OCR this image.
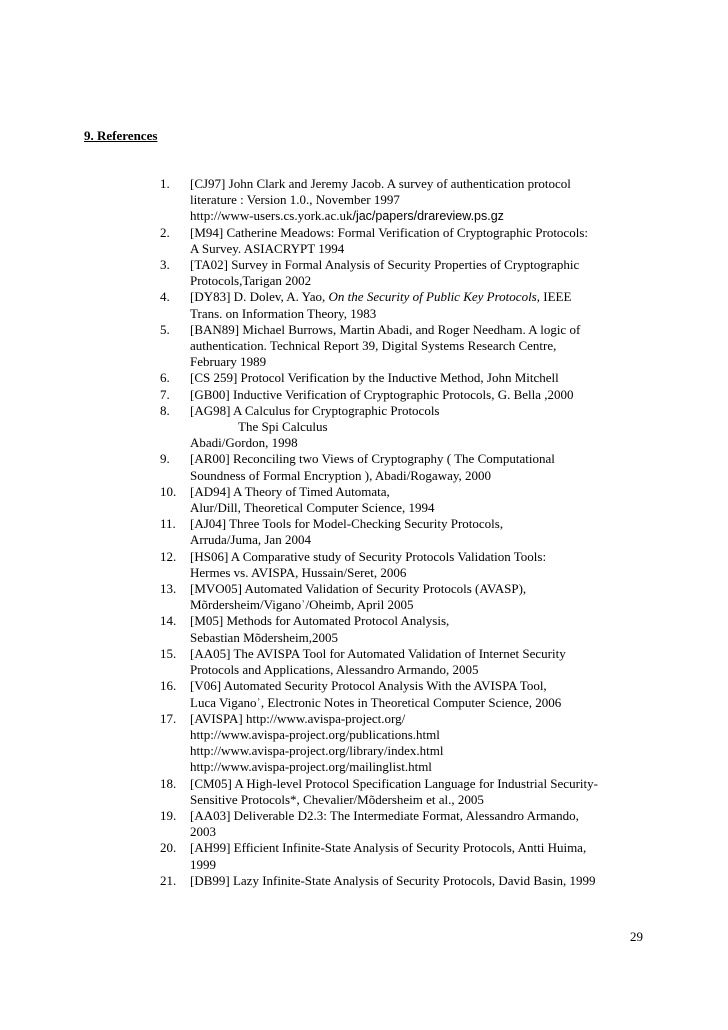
9. References
1.	[CJ97] John Clark and Jeremy Jacob. A survey of authentication protocol
literature : Version 1.0., November 1997
http://www-users.cs.york.ac.uk/jac/papers/drareview.ps.gz
2.	[M94] Catherine Meadows: Formal Verification of Cryptographic Protocols:
A Survey. ASIACRYPT 1994
3.	[TA02] Survey in Formal Analysis of Security Properties of Cryptographic
Protocols,Tarigan 2002
4.	[DY83] D. Dolev, A. Yao, On the Security of Public Key Protocols, IEEE
Trans. on Information Theory, 1983
5.	[BAN89] Michael Burrows, Martin Abadi, and Roger Needham. A logic of
authentication. Technical Report 39, Digital Systems Research Centre,
February 1989
6.	[CS 259] Protocol Verification by the Inductive Method, John Mitchell
7.	[GB00] Inductive Verification of Cryptographic Protocols, G. Bella ,2000
8.	[AG98] A Calculus for Cryptographic Protocols
The Spi Calculus
Abadi/Gordon, 1998
9.	[AR00] Reconciling two Views of Cryptography ( The Computational
Soundness of Formal Encryption ), Abadi/Rogaway, 2000
10.	[AD94] A Theory of Timed Automata,
Alur/Dill, Theoretical Computer Science, 1994
11.	[AJ04] Three Tools for Model-Checking Security Protocols,
Arruda/Juma, Jan 2004
12.	[HS06] A Comparative study of Security Protocols Validation Tools:
Hermes vs. AVISPA, Hussain/Seret, 2006
13.	[MVO05] Automated Validation of Security Protocols (AVASP),
Mõrdersheim/Viganoʾ/Oheimb, April 2005
14.	[M05] Methods for Automated Protocol Analysis,
Sebastian Mõdersheim,2005
15.	[AA05] The AVISPA Tool for Automated Validation of Internet Security
Protocols and Applications, Alessandro Armando, 2005
16.	[V06] Automated Security Protocol Analysis With the AVISPA Tool,
Luca Viganoʾ, Electronic Notes in Theoretical Computer Science, 2006
17.	[AVISPA] http://www.avispa-project.org/
http://www.avispa-project.org/publications.html
http://www.avispa-project.org/library/index.html
http://www.avispa-project.org/mailinglist.html
18.	[CM05] A High-level Protocol Specification Language for Industrial Security-
Sensitive Protocols*, Chevalier/Mõdersheim et al., 2005
19.	[AA03] Deliverable D2.3: The Intermediate Format, Alessandro Armando,
2003
20.	[AH99] Efficient Infinite-State Analysis of Security Protocols, Antti Huima,
1999
21.	[DB99] Lazy Infinite-State Analysis of Security Protocols, David Basin, 1999
29
